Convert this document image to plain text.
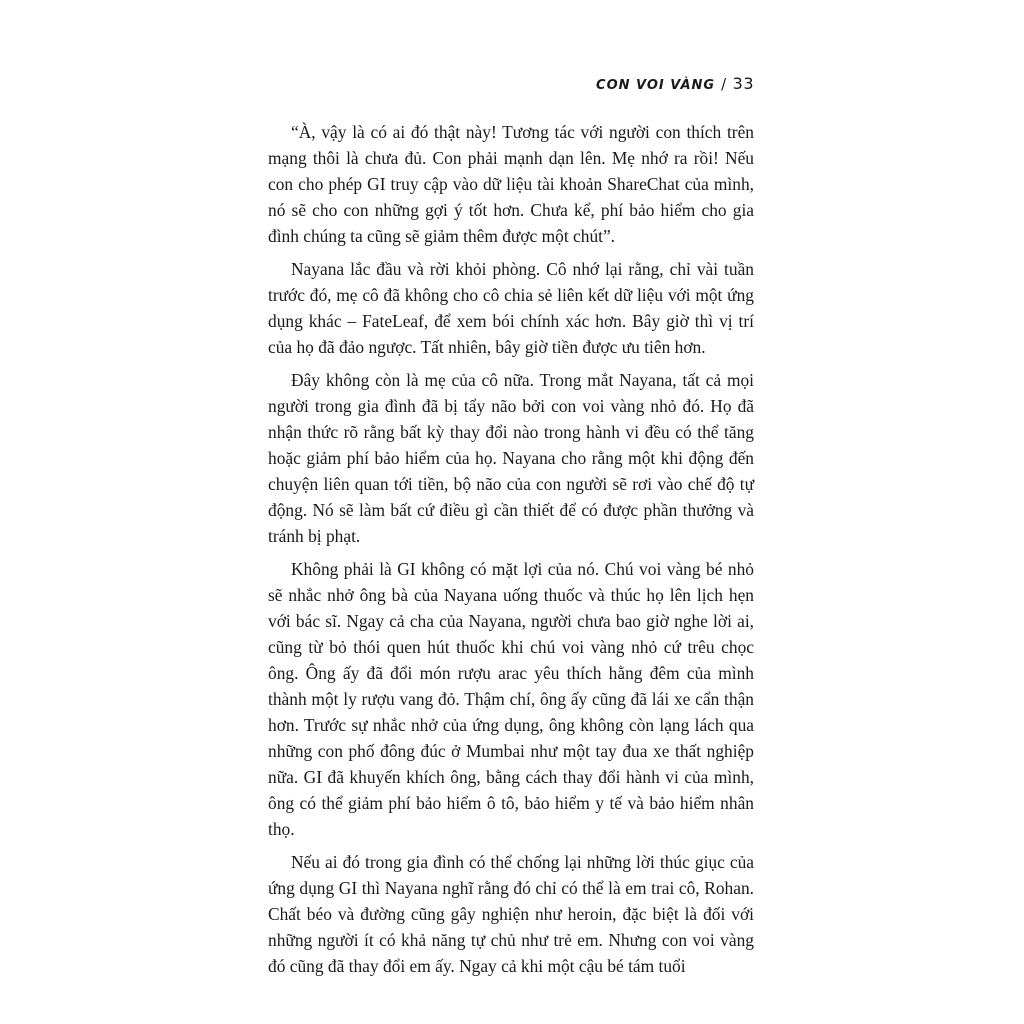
CON VOI VÀNG / 33

“À, vậy là có ai đó thật này! Tương tác với người con thích trên mạng thôi là chưa đủ. Con phải mạnh dạn lên. Mẹ nhớ ra rồi! Nếu con cho phép GI truy cập vào dữ liệu tài khoản ShareChat của mình, nó sẽ cho con những gợi ý tốt hơn. Chưa kể, phí bảo hiểm cho gia đình chúng ta cũng sẽ giảm thêm được một chút”.

Nayana lắc đầu và rời khỏi phòng. Cô nhớ lại rằng, chỉ vài tuần trước đó, mẹ cô đã không cho cô chia sẻ liên kết dữ liệu với một ứng dụng khác – FateLeaf, để xem bói chính xác hơn. Bây giờ thì vị trí của họ đã đảo ngược. Tất nhiên, bây giờ tiền được ưu tiên hơn.

Đây không còn là mẹ của cô nữa. Trong mắt Nayana, tất cả mọi người trong gia đình đã bị tẩy não bởi con voi vàng nhỏ đó. Họ đã nhận thức rõ rằng bất kỳ thay đổi nào trong hành vi đều có thể tăng hoặc giảm phí bảo hiểm của họ. Nayana cho rằng một khi động đến chuyện liên quan tới tiền, bộ não của con người sẽ rơi vào chế độ tự động. Nó sẽ làm bất cứ điều gì cần thiết để có được phần thưởng và tránh bị phạt.

Không phải là GI không có mặt lợi của nó. Chú voi vàng bé nhỏ sẽ nhắc nhở ông bà của Nayana uống thuốc và thúc họ lên lịch hẹn với bác sĩ. Ngay cả cha của Nayana, người chưa bao giờ nghe lời ai, cũng từ bỏ thói quen hút thuốc khi chú voi vàng nhỏ cứ trêu chọc ông. Ông ấy đã đổi món rượu arac yêu thích hằng đêm của mình thành một ly rượu vang đỏ. Thậm chí, ông ấy cũng đã lái xe cẩn thận hơn. Trước sự nhắc nhở của ứng dụng, ông không còn lạng lách qua những con phố đông đúc ở Mumbai như một tay đua xe thất nghiệp nữa. GI đã khuyến khích ông, bằng cách thay đổi hành vi của mình, ông có thể giảm phí bảo hiểm ô tô, bảo hiểm y tế và bảo hiểm nhân thọ.

Nếu ai đó trong gia đình có thể chống lại những lời thúc giục của ứng dụng GI thì Nayana nghĩ rằng đó chỉ có thể là em trai cô, Rohan. Chất béo và đường cũng gây nghiện như heroin, đặc biệt là đối với những người ít có khả năng tự chủ như trẻ em. Nhưng con voi vàng đó cũng đã thay đổi em ấy. Ngay cả khi một cậu bé tám tuổi
